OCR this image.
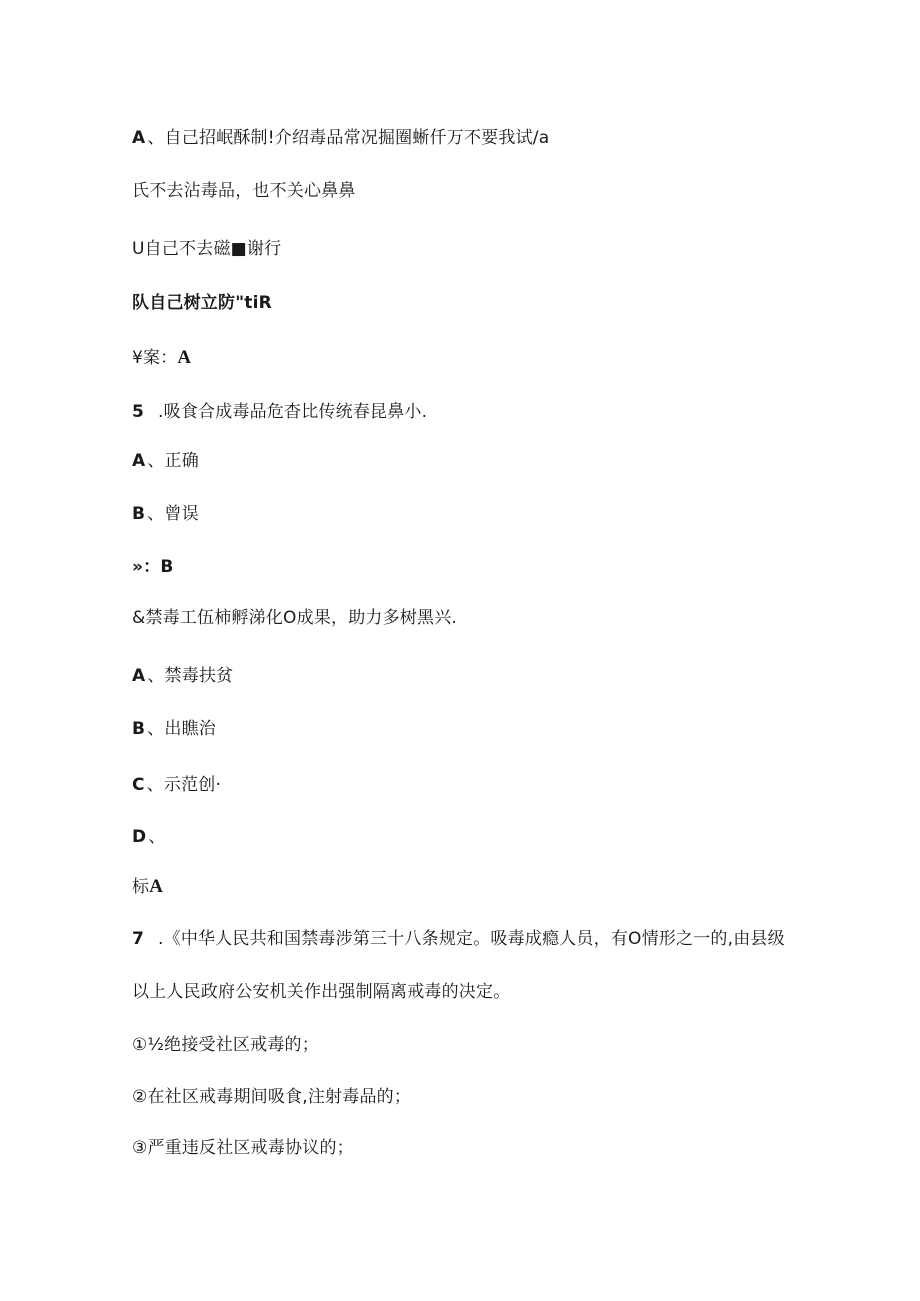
A 、自己招岷酥制!介绍毒品常况掘圈蜥仟万不要我试/a
氏不去沾毒品，也不关心鼻鼻
U自己不去磁■谢行
队自己树立防"tiR
¥案：A
5 .吸食合成毒品危杳比传统春昆鼻小.
A 、正确
B 、曾误
»：B
&禁毒工伍柿孵涕化O成果，助力多树黑兴.
A 、禁毒扶贫
B 、出瞧治
C 、示范创·
D 、
标A
7 .《中华人民共和国禁毒涉第三十八条规定。吸毒成瘾人员，有O情形之一的,由县级
以上人民政府公安机关作出强制隔离戒毒的决定。
①½绝接受社区戒毒的；
②在社区戒毒期间吸食,注射毒品的；
③严重违反社区戒毒协议的；
